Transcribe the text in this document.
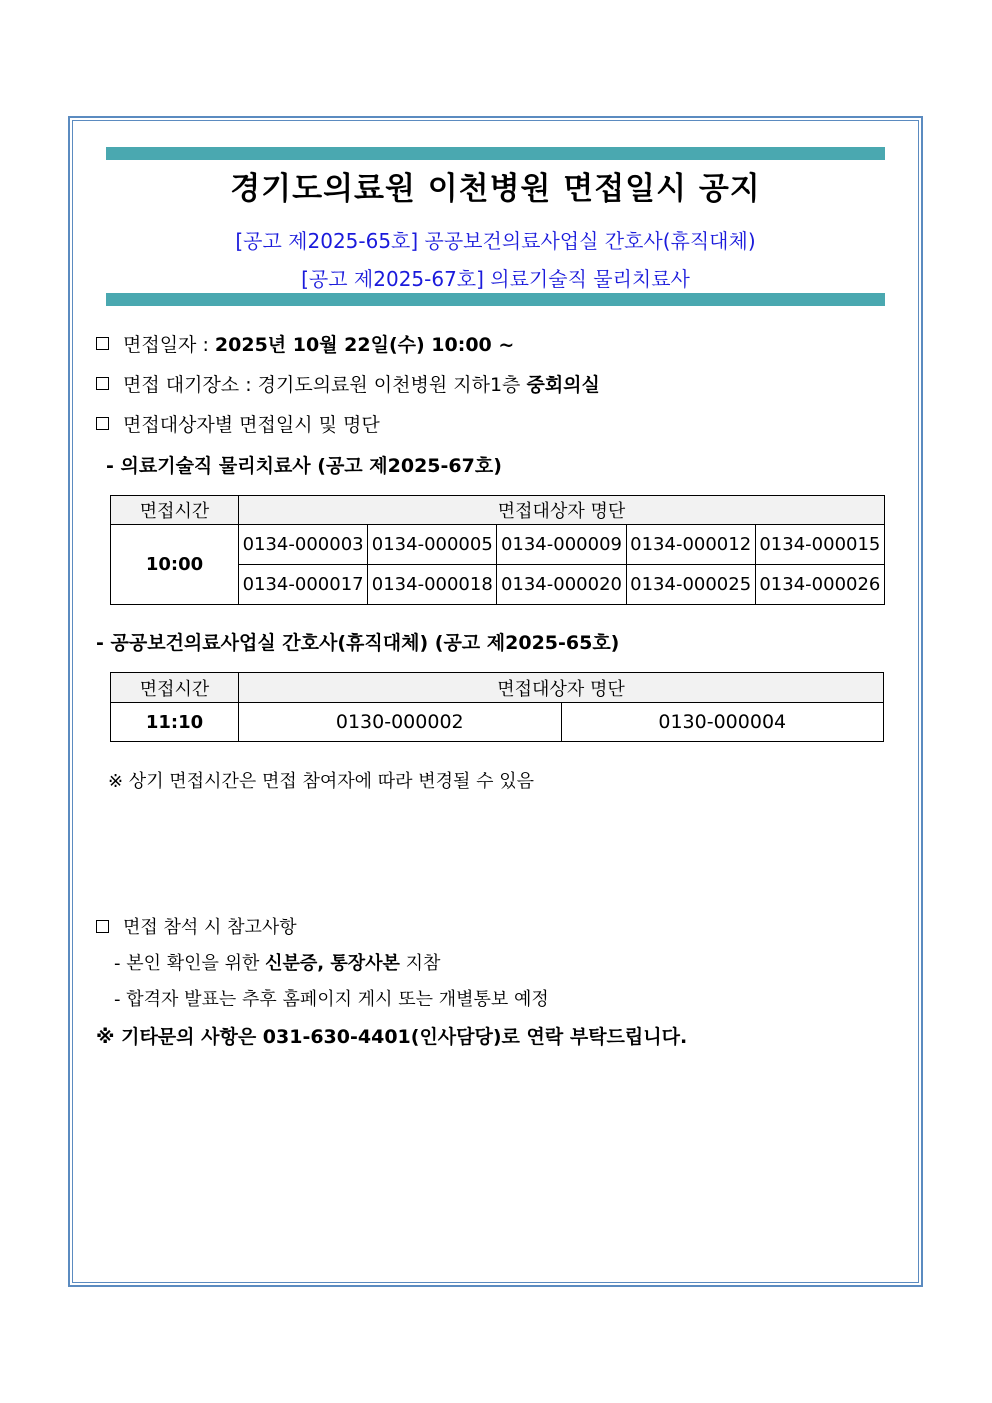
경기도의료원 이천병원 면접일시 공지
[공고 제2025-65호] 공공보건의료사업실 간호사(휴직대체)
[공고 제2025-67호] 의료기술직 물리치료사
면접일자 : 2025년 10월 22일(수) 10:00 ~
면접 대기장소 : 경기도의료원 이천병원 지하1층 중회의실
면접대상자별 면접일시 및 명단
- 의료기술직 물리치료사 (공고 제2025-67호)
면접시간	면접대상자 명단				
10:00	0134-000003	0134-000005	0134-000009	0134-000012	0134-000015
	0134-000017	0134-000018	0134-000020	0134-000025	0134-000026
- 공공보건의료사업실 간호사(휴직대체) (공고 제2025-65호)
면접시간	면접대상자 명단	
11:10	0130-000002	0130-000004
※ 상기 면접시간은 면접 참여자에 따라 변경될 수 있음
면접 참석 시 참고사항
- 본인 확인을 위한 신분증, 통장사본 지참
- 합격자 발표는 추후 홈페이지 게시 또는 개별통보 예정
※ 기타문의 사항은 031-630-4401(인사담당)로 연락 부탁드립니다.
